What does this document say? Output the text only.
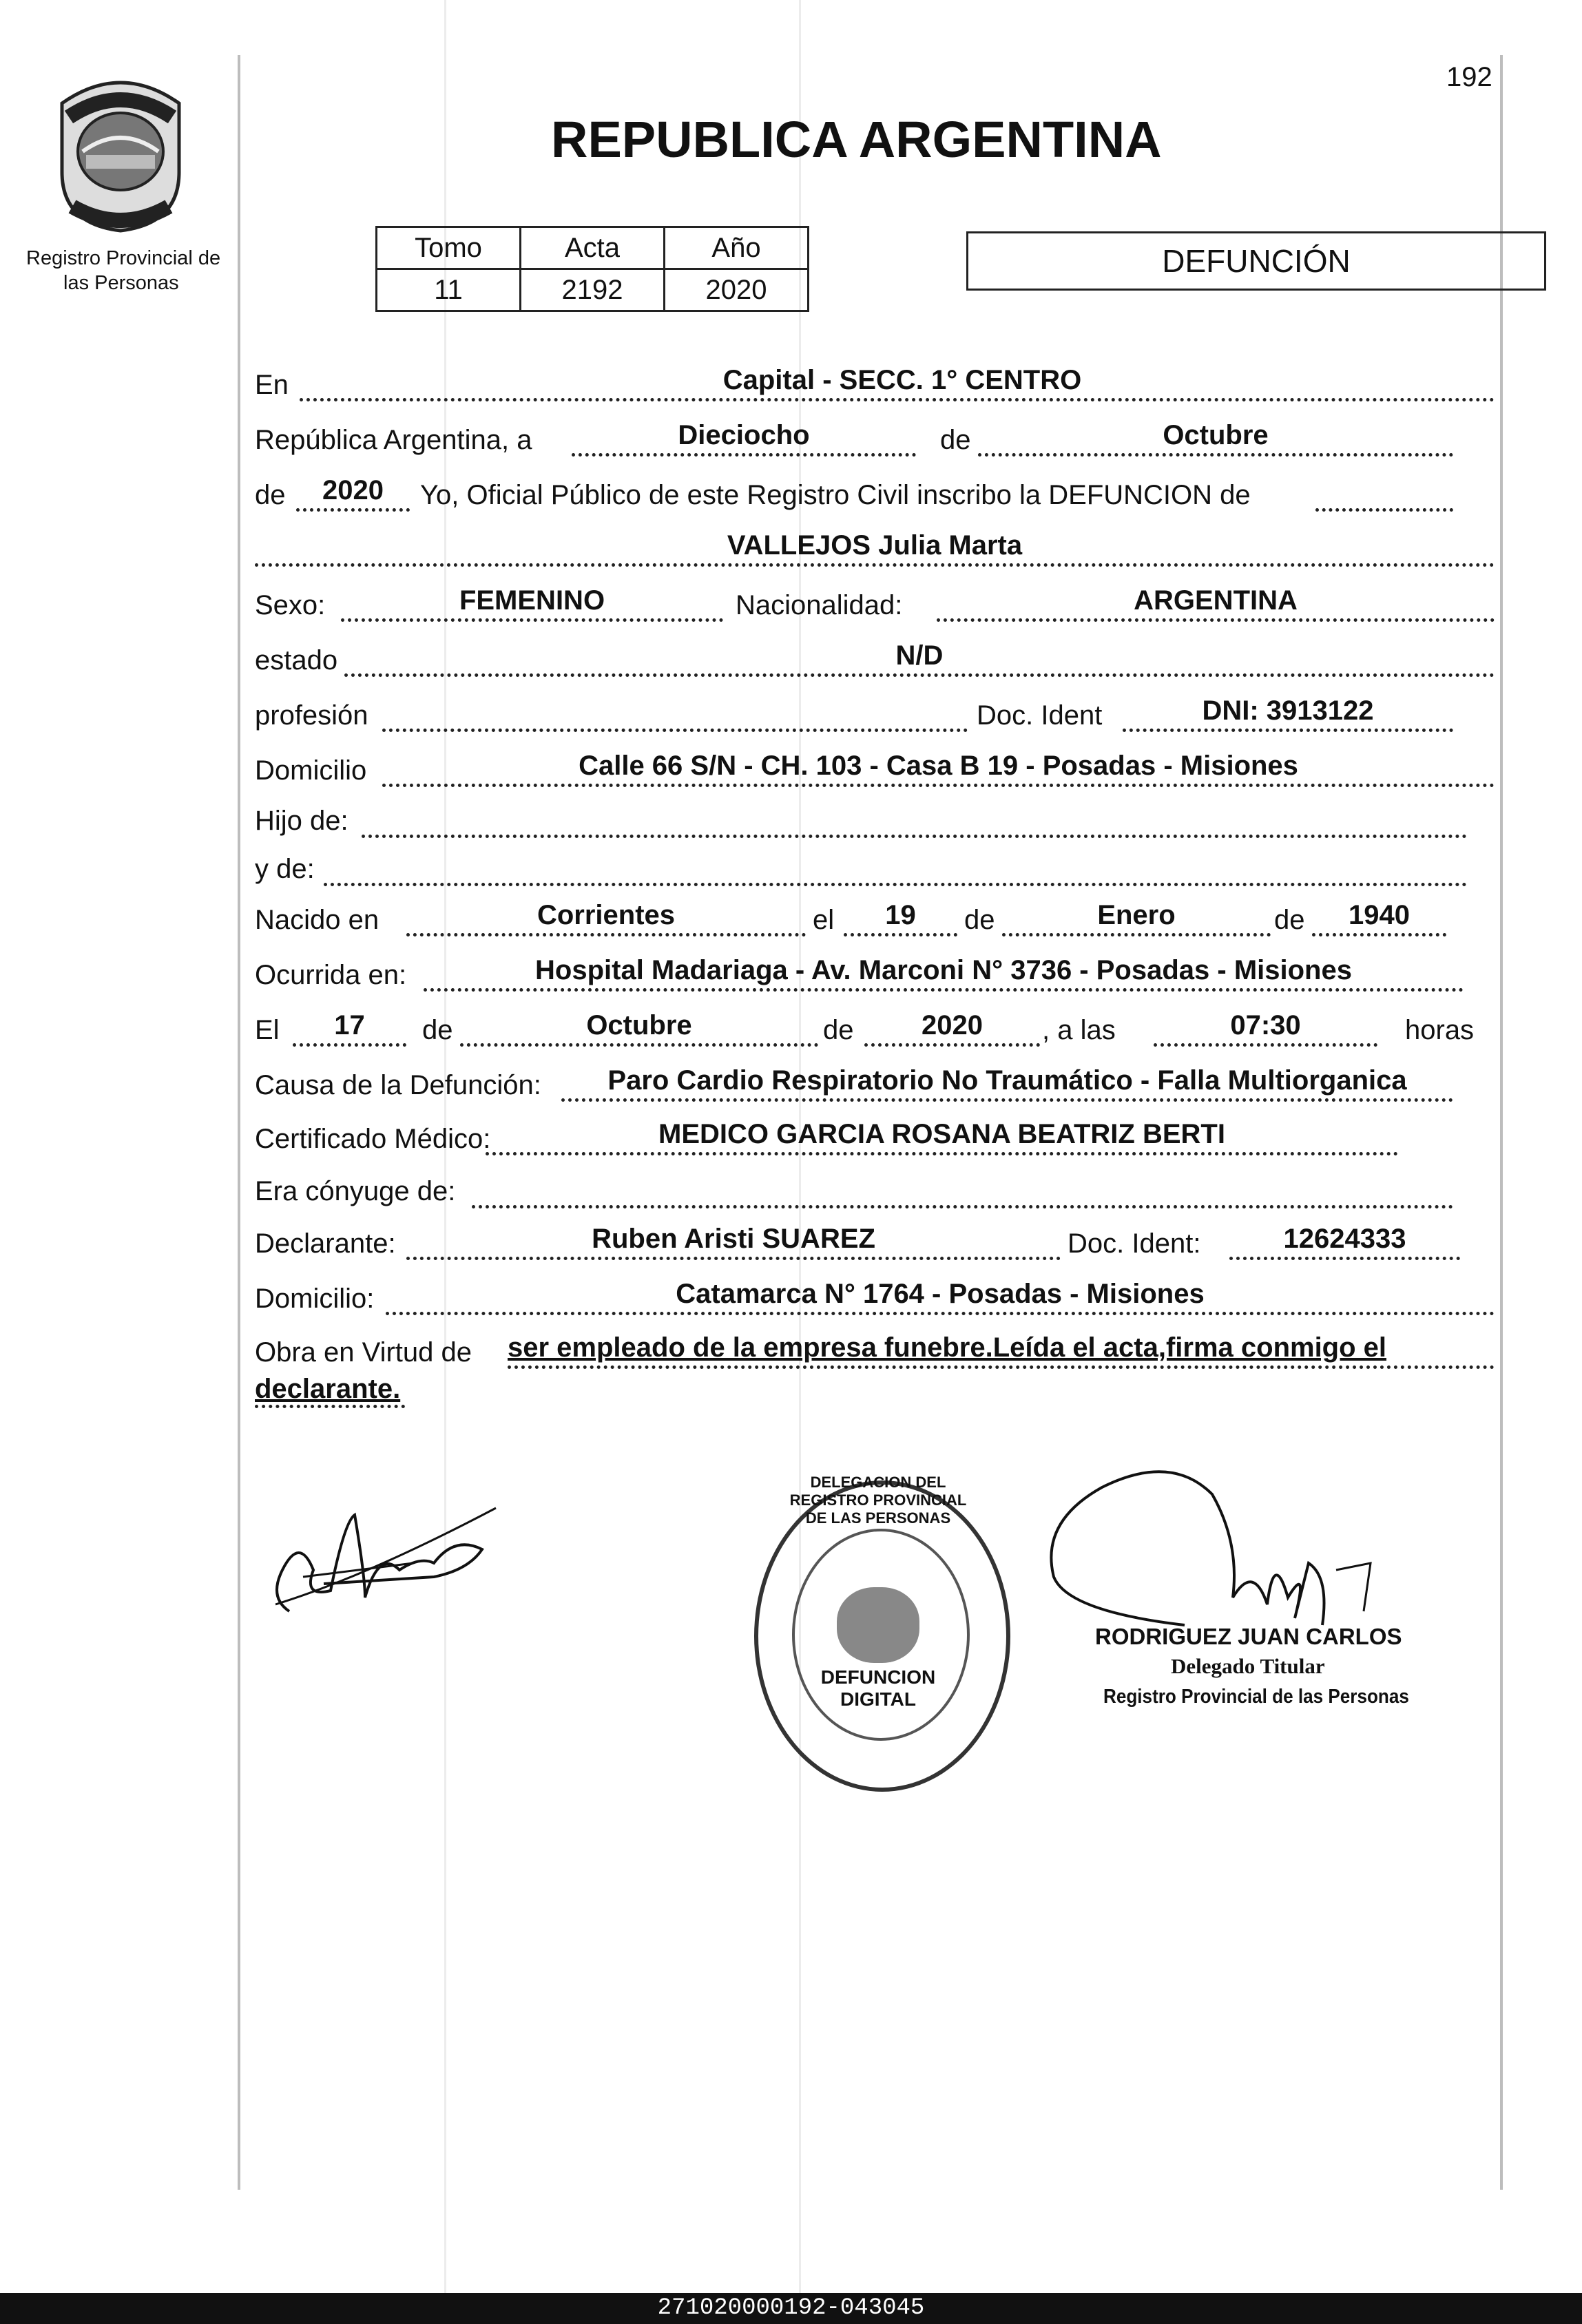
192
Registro Provincial de
las Personas
REPUBLICA ARGENTINA
Tomo	Acta	Año
11	2192	2020
DEFUNCIÓN
En	Capital - SECC. 1° CENTRO
República Argentina, a	Dieciocho	de	Octubre
de	2020	Yo, Oficial Público de este Registro Civil inscribo la DEFUNCION de
VALLEJOS Julia Marta
Sexo:	FEMENINO	Nacionalidad:	ARGENTINA
estado	N/D
profesión	Doc. Ident	DNI: 3913122
Domicilio	Calle 66 S/N - CH. 103 - Casa B 19 - Posadas - Misiones
Hijo de:
y de:
Nacido en	Corrientes	el	19	de	Enero	de	1940
Ocurrida en:	Hospital Madariaga - Av. Marconi N° 3736 - Posadas - Misiones
El	17	de	Octubre	de	2020	, a las	07:30	horas
Causa de la Defunción:	Paro Cardio Respiratorio No Traumático - Falla Multiorganica
Certificado Médico:	MEDICO GARCIA ROSANA BEATRIZ BERTI
Era cónyuge de:
Declarante:	Ruben Aristi SUAREZ	Doc. Ident:	12624333
Domicilio:	Catamarca N° 1764 - Posadas - Misiones
Obra en Virtud de ser empleado de la empresa funebre.Leída el acta,firma conmigo el
declarante.
DELEGACION DEL REGISTRO PROVINCIAL DE LAS PERSONAS
DEFUNCION DIGITAL
RODRIGUEZ JUAN CARLOS
Delegado Titular
Registro Provincial de las Personas
271020000192-043045
